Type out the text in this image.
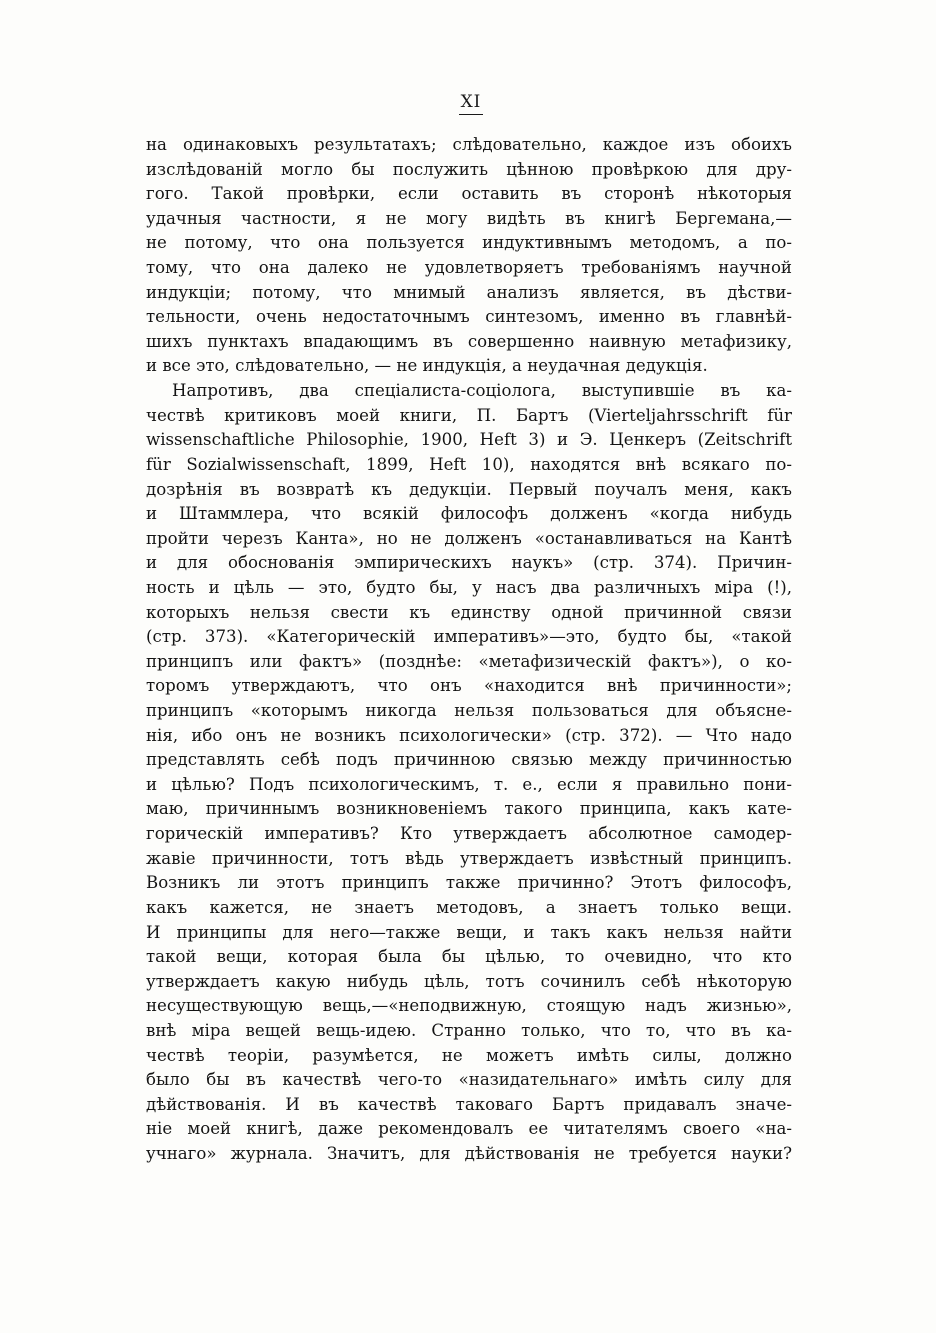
XI
на одинаковыхъ результатахъ; слѣдовательно, каждое изъ обоихъ
изслѣдованій могло бы послужить цѣнною провѣркою для дру-
гого. Такой провѣрки, если оставить въ сторонѣ нѣкоторыя
удачныя частности, я не могу видѣть въ книгѣ Бергемана,—
не потому, что она пользуется индуктивнымъ методомъ, а по-
тому, что она далеко не удовлетворяетъ требованіямъ научной
индукціи; потому, что мнимый анализъ является, въ дѣстви-
тельности, очень недостаточнымъ синтезомъ, именно въ главнѣй-
шихъ пунктахъ впадающимъ въ совершенно наивную метафизику,
и все это, слѣдовательно, — не индукція, а неудачная дедукція.
Напротивъ, два спеціалиста-соціолога, выступившіе въ ка-
чествѣ критиковъ моей книги, П. Бартъ (Vierteljahrsschrift für
wissenschaftliche Philosophie, 1900, Heft 3) и Э. Ценкеръ (Zeitschrift
für Sozialwissenschaft, 1899, Heft 10), находятся внѣ всякаго по-
дозрѣнія въ возвратѣ къ дедукціи. Первый поучалъ меня, какъ
и Штаммлера, что всякій философъ долженъ «когда нибудь
пройти черезъ Канта», но не долженъ «останавливаться на Кантѣ
и для обоснованія эмпирическихъ наукъ» (стр. 374). Причин-
ность и цѣль — это, будто бы, у насъ два различныхъ міра (!),
которыхъ нельзя свести къ единству одной причинной связи
(стр. 373). «Категорическій императивъ»—это, будто бы, «такой
принципъ или фактъ» (позднѣе: «метафизическій фактъ»), о ко-
торомъ утверждаютъ, что онъ «находится внѣ причинности»;
принципъ «которымъ никогда нельзя пользоваться для объясне-
нія, ибо онъ не возникъ психологически» (стр. 372). — Что надо
представлять себѣ подъ причинною связью между причинностью
и цѣлью? Подъ психологическимъ, т. е., если я правильно пони-
маю, причиннымъ возникновеніемъ такого принципа, какъ кате-
горическій императивъ? Кто утверждаетъ абсолютное самодер-
жавіе причинности, тотъ вѣдь утверждаетъ извѣстный принципъ.
Возникъ ли этотъ принципъ также причинно? Этотъ философъ,
какъ кажется, не знаетъ методовъ, а знаетъ только вещи.
И принципы для него—также вещи, и такъ какъ нельзя найти
такой вещи, которая была бы цѣлью, то очевидно, что кто
утверждаетъ какую нибудь цѣль, тотъ сочинилъ себѣ нѣкоторую
несуществующую вещь,—«неподвижную, стоящую надъ жизнью»,
внѣ міра вещей вещь-идею. Странно только, что то, что въ ка-
чествѣ теоріи, разумѣется, не можетъ имѣть силы, должно
было бы въ качествѣ чего-то «назидательнаго» имѣть силу для
дѣйствованія. И въ качествѣ таковаго Бартъ придавалъ значе-
ніе моей книгѣ, даже рекомендовалъ ее читателямъ своего «на-
учнаго» журнала. Значитъ, для дѣйствованія не требуется науки?
